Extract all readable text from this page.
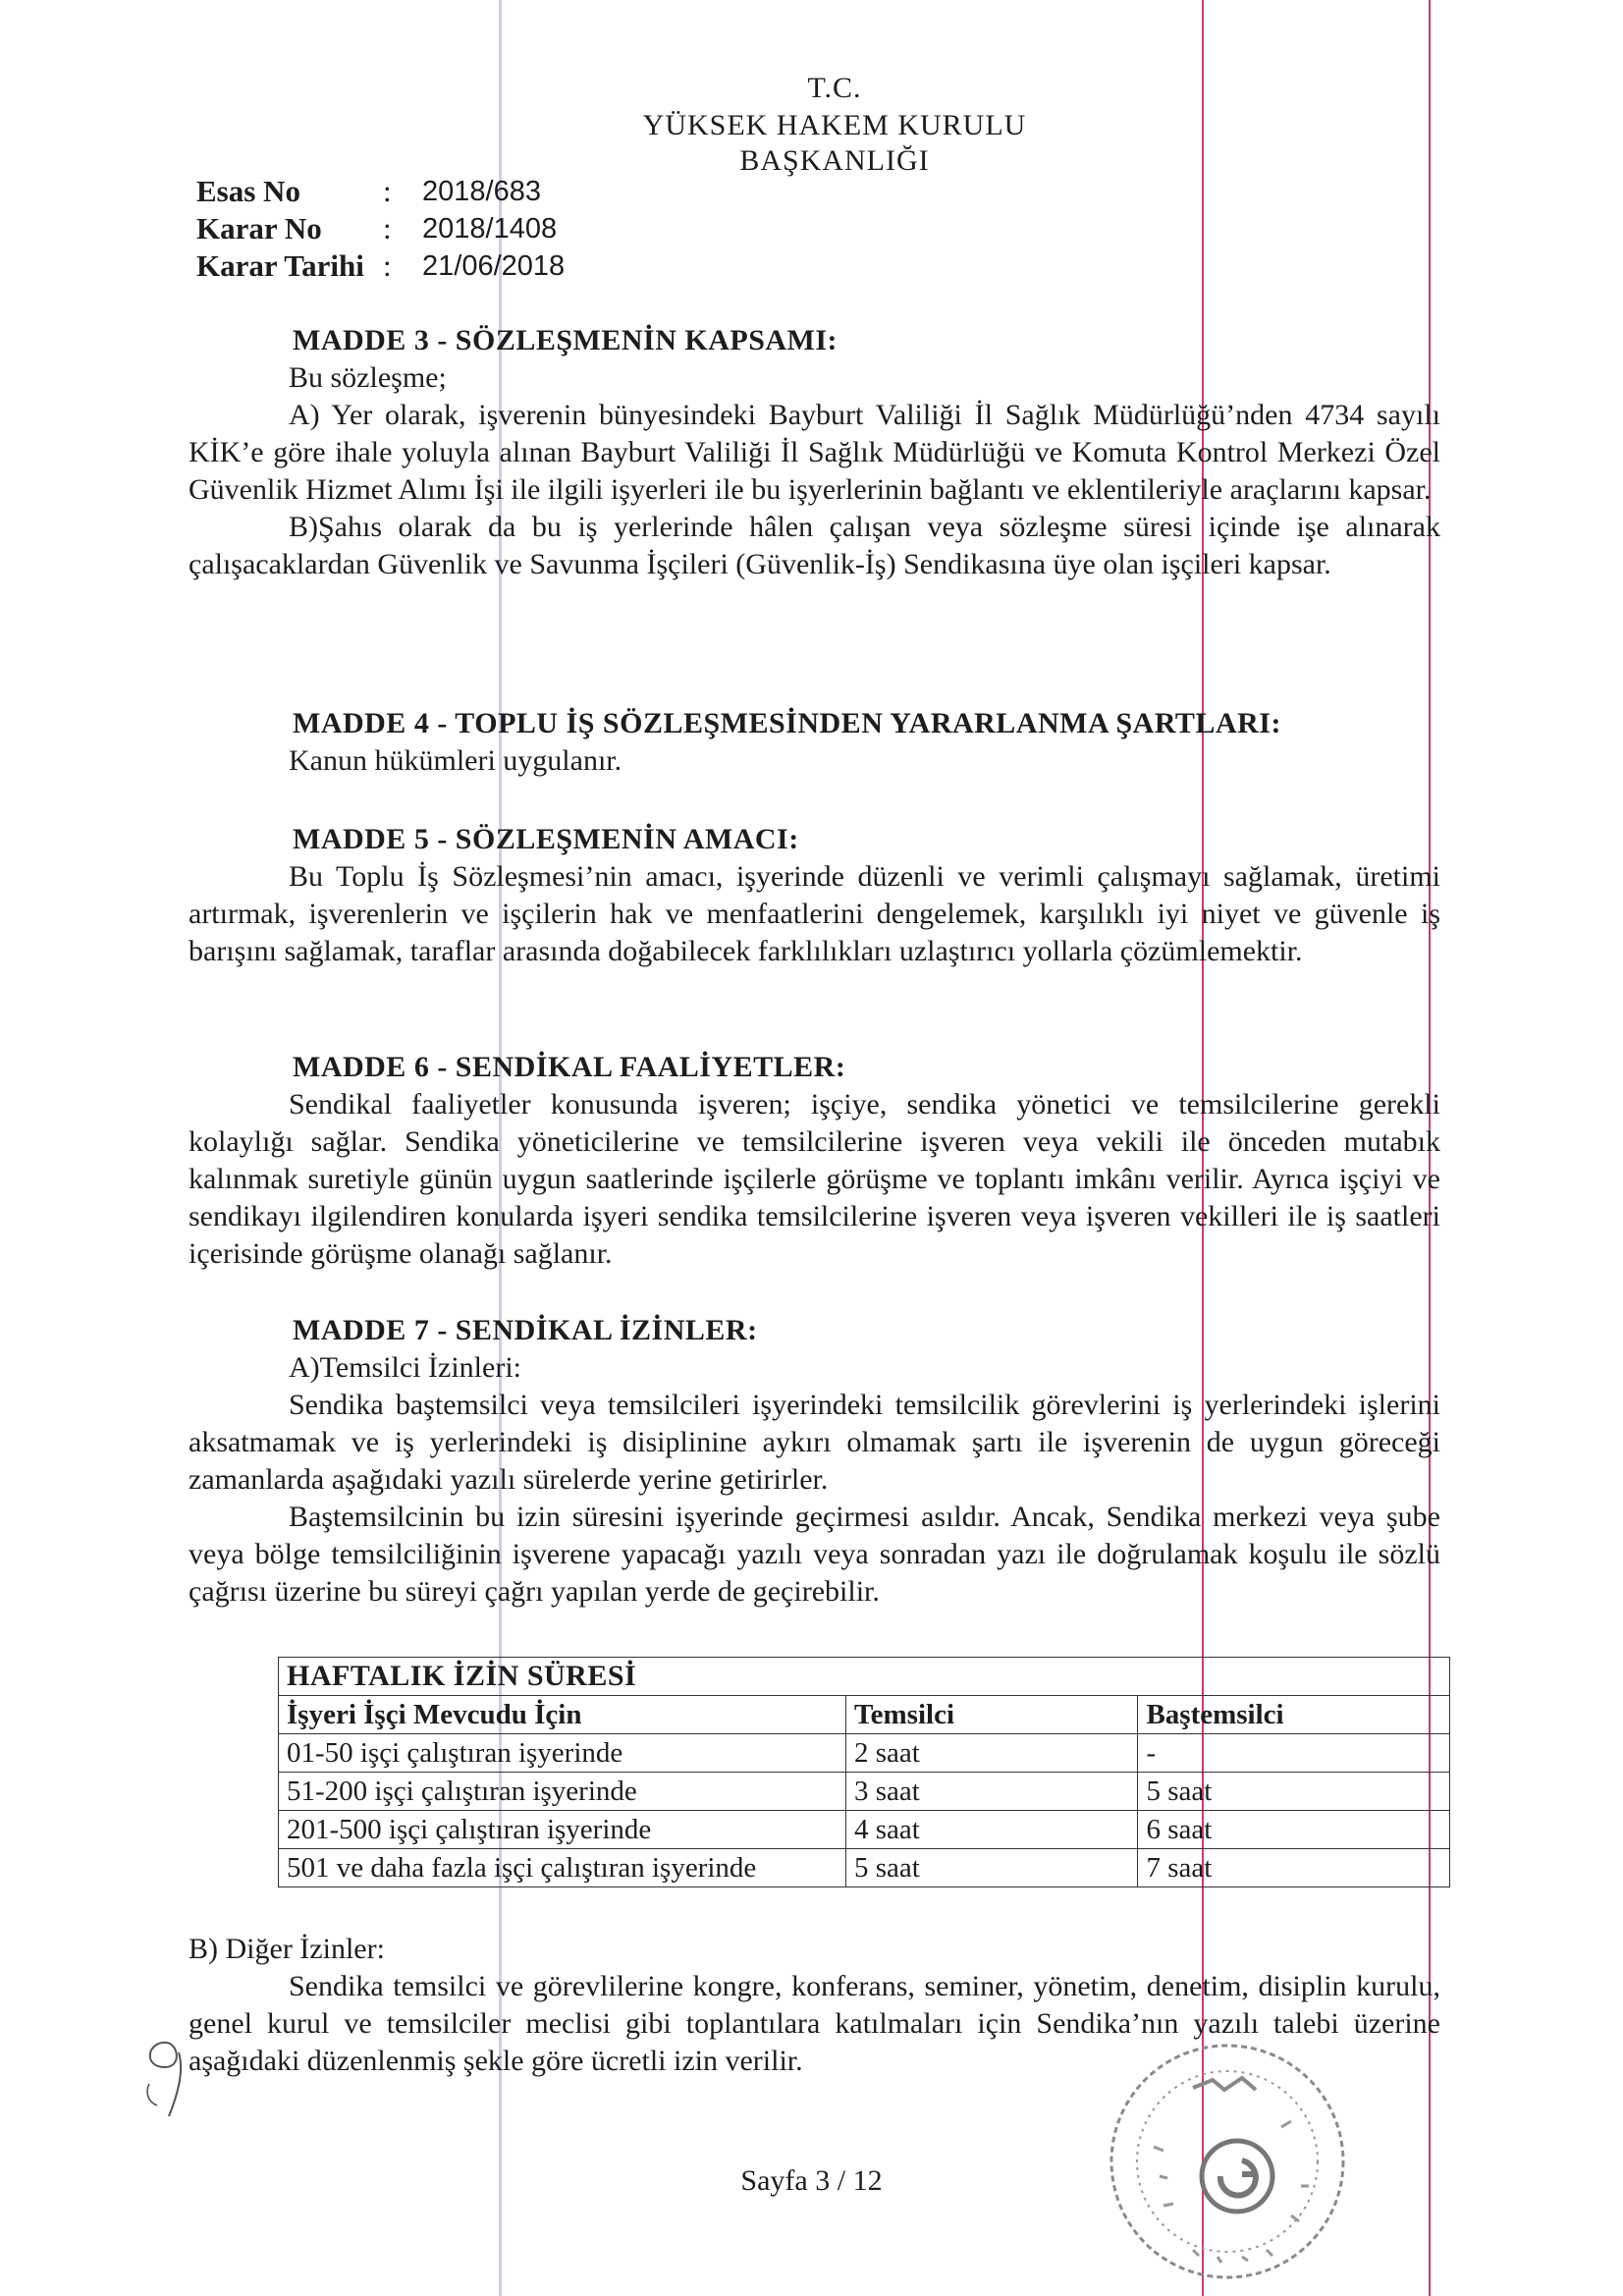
T.C.
YÜKSEK HAKEM KURULU
BAŞKANLIĞI
Esas No	:	2018/683
Karar No	:	2018/1408
Karar Tarihi :	21/06/2018
MADDE 3 - SÖZLEŞMENİN KAPSAMI:
Bu sözleşme;

A) Yer olarak, işverenin bünyesindeki Bayburt Valiliği İl Sağlık Müdürlüğü’nden 4734 sayılı KİK’e göre ihale yoluyla alınan Bayburt Valiliği İl Sağlık Müdürlüğü ve Komuta Kontrol Merkezi Özel Güvenlik Hizmet Alımı İşi ile ilgili işyerleri ile bu işyerlerinin bağlantı ve eklentileriyle araçlarını kapsar.

B)Şahıs olarak da bu iş yerlerinde hâlen çalışan veya sözleşme süresi içinde işe alınarak çalışacaklardan Güvenlik ve Savunma İşçileri (Güvenlik-İş) Sendikasına üye olan işçileri kapsar.

MADDE 4 - TOPLU İŞ SÖZLEŞMESİNDEN YARARLANMA ŞARTLARI:
Kanun hükümleri uygulanır.
MADDE 5 - SÖZLEŞMENİN AMACI:

Bu Toplu İş Sözleşmesi’nin amacı, işyerinde düzenli ve verimli çalışmayı sağlamak, üretimi artırmak, işverenlerin ve işçilerin hak ve menfaatlerini dengelemek, karşılıklı iyi niyet ve güvenle iş barışını sağlamak, taraflar arasında doğabilecek farklılıkları uzlaştırıcı yollarla çözümlemektir.

MADDE 6 - SENDİKAL FAALİYETLER:

Sendikal faaliyetler konusunda işveren; işçiye, sendika yönetici ve temsilcilerine gerekli kolaylığı sağlar. Sendika yöneticilerine ve temsilcilerine işveren veya vekili ile önceden mutabık kalınmak suretiyle günün uygun saatlerinde işçilerle görüşme ve toplantı imkânı verilir. Ayrıca işçiyi ve sendikayı ilgilendiren konularda işyeri sendika temsilcilerine işveren veya işveren vekilleri ile iş saatleri içerisinde görüşme olanağı sağlanır.

MADDE 7 - SENDİKAL İZİNLER:
A)Temsilci İzinleri:

Sendika baştemsilci veya temsilcileri işyerindeki temsilcilik görevlerini iş yerlerindeki işlerini aksatmamak ve iş yerlerindeki iş disiplinine aykırı olmamak şartı ile işverenin de uygun göreceği zamanlarda aşağıdaki yazılı sürelerde yerine getirirler.

Baştemsilcinin bu izin süresini işyerinde geçirmesi asıldır. Ancak, Sendika merkezi veya şube veya bölge temsilciliğinin işverene yapacağı yazılı veya sonradan yazı ile doğrulamak koşulu ile sözlü çağrısı üzerine bu süreyi çağrı yapılan yerde de geçirebilir.

HAFTALIK İZİN SÜRESİ		
İşyeri İşçi Mevcudu İçin	Temsilci	Baştemsilci
01-50 işçi çalıştıran işyerinde	2 saat	-
51-200 işçi çalıştıran işyerinde	3 saat	5 saat
201-500 işçi çalıştıran işyerinde	4 saat	6 saat
501 ve daha fazla işçi çalıştıran işyerinde	5 saat	7 saat
B) Diğer İzinler:

Sendika temsilci ve görevlilerine kongre, konferans, seminer, yönetim, denetim, disiplin kurulu, genel kurul ve temsilciler meclisi gibi toplantılara katılmaları için Sendika’nın yazılı talebi üzerine aşağıdaki düzenlenmiş şekle göre ücretli izin verilir.

Sayfa 3 / 12
